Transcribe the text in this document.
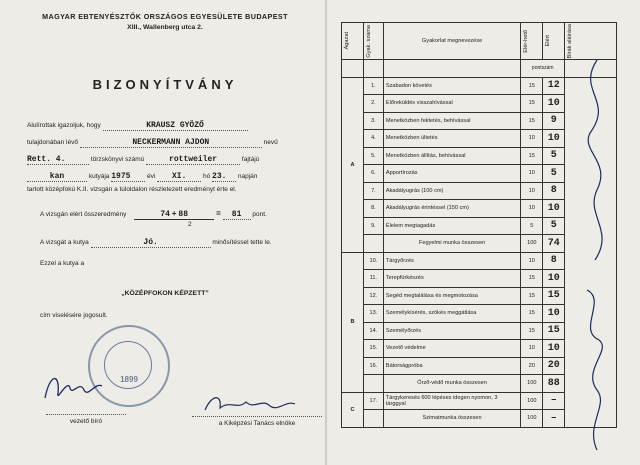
MAGYAR EBTENYÉSZTŐK ORSZÁGOS EGYESÜLETE BUDAPEST
XIII., Wallenberg utca 2.
BIZONYÍTVÁNY
Alulírottak igazoljuk, hogy	KRAUSZ GYÖZŐ
tulajdonában lévő	NECKERMANN AJDON	nevű
Rett. 4.	törzskönyvi számú	rottweiler	fajtájú
kan	kutyája 1975	évi XI.	hó 23. napján
tartott középfokú K.II. vizsgán a túloldalon részletezett eredményt érte el.
A vizsgán elért összeredmény	74 + 88	= 81 pont.
2
A vizsgát a kutya	Jó.	minősítéssel tette le.
Ezzel a kutya a
„KÖZÉPFOKON KÉPZETT”
cím viselésére jogosult.
1899
vezető bíró	a Kiképzési Tanács elnöke
Ágazat	Gyak. száma	Gyakorlat megnevezése	Elér-hető	Elért	Bírák aláírása

			pontszám		
A	1.	Szabadon követés	15	12	
	2.	Előreküldés visszahívással	15	10	
	3.	Menetközben fektetés, behívással	15	9	
	4.	Menetközben ültetés	10	10	
	5.	Menetközben állítás, behívással	15	5	
	6.	Apportírozás	10	5	
	7.	Akadályugrás (100 cm)	10	8	
	8.	Akadályugrás érintéssel (150 cm)	10	10	
	9.	Élelem megtagadás	5	5	
		Fegyelmi munka összesen	100	74	
B	10.	Tárgyőrzés	10	8	
	11.	Terepfürkészés	15	10	
	12.	Segéd megtalálása és megmotozása	15	15	
	13.	Személykísérés, szökés meggátlása	15	10	
	14.	Személyőrzés	15	15	
	15.	Vezető védelme	10	10	
	16.	Bátorságpróba	20	20	
		Őrző-védő munka összesen	100	88	
C	17.	Tárgykeresés 600 lépéses idegen nyomon, 3 tárggyal	100	–	
		Szimatmunka összesen	100	–	
